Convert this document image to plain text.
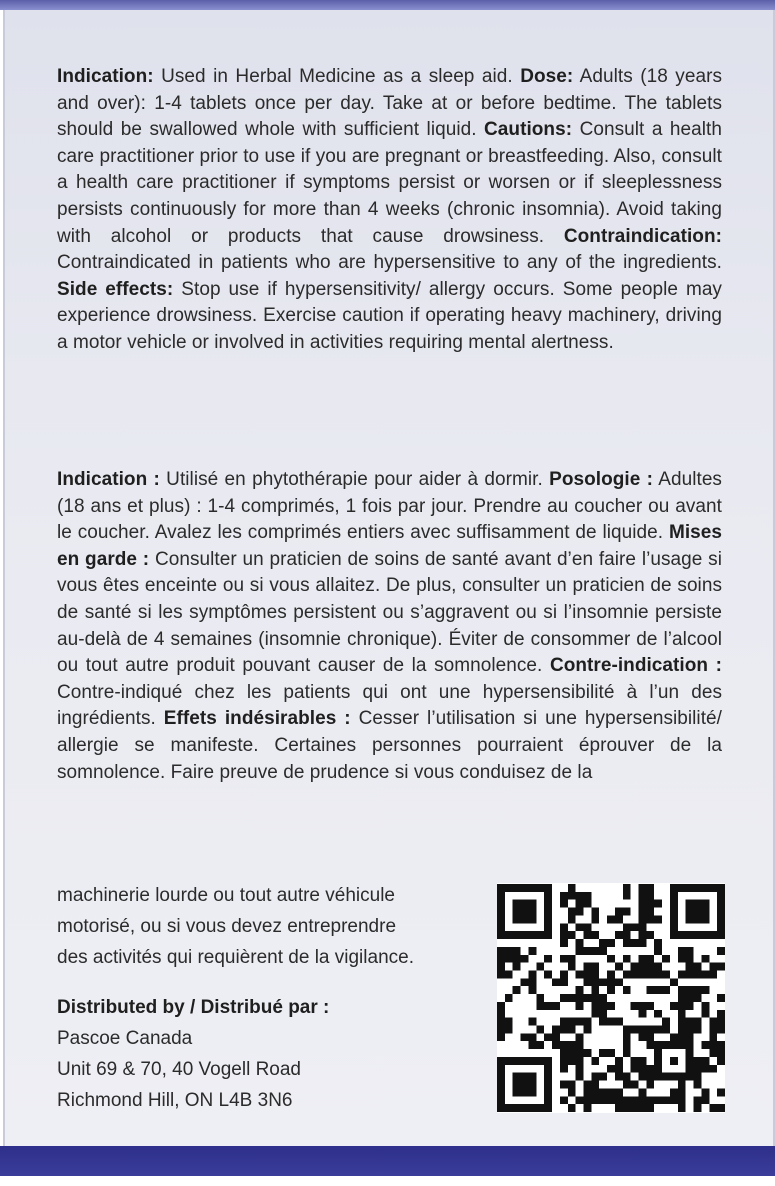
Indication: Used in Herbal Medicine as a sleep aid. Dose: Adults (18 years and over): 1-4 tablets once per day. Take at or before bedtime. The tablets should be swallowed whole with sufficient liquid. Cautions: Consult a health care practitioner prior to use if you are pregnant or breastfeeding. Also, consult a health care practitioner if symptoms persist or worsen or if sleeplessness persists continuously for more than 4 weeks (chronic insomnia). Avoid taking with alcohol or products that cause drowsiness. Contraindication: Contraindicated in patients who are hypersensitive to any of the ingredients. Side effects: Stop use if hypersensitivity/ allergy occurs. Some people may experience drowsiness. Exercise caution if operating heavy machinery, driving a motor vehicle or involved in activities requiring mental alertness.
Indication : Utilisé en phytothérapie pour aider à dormir. Posologie : Adultes (18 ans et plus) : 1-4 comprimés, 1 fois par jour. Prendre au coucher ou avant le coucher. Avalez les comprimés entiers avec suffisamment de liquide. Mises en garde : Consulter un praticien de soins de santé avant d’en faire l’usage si vous êtes enceinte ou si vous allaitez. De plus, consulter un praticien de soins de santé si les symptômes persistent ou s’aggravent ou si l’insomnie persiste au-delà de 4 semaines (insomnie chronique). Éviter de consommer de l’alcool ou tout autre produit pouvant causer de la somnolence. Contre-indication : Contre-indiqué chez les patients qui ont une hypersensibilité à l’un des ingrédients. Effets indésirables : Cesser l’utilisation si une hypersensibilité/ allergie se manifeste. Certaines personnes pourraient éprouver de la somnolence. Faire preuve de prudence si vous conduisez de la
machinerie lourde ou tout autre véhicule
motorisé, ou si vous devez entreprendre
des activités qui requièrent de la vigilance.
Distributed by / Distribué par :
Pascoe Canada
Unit 69 & 70, 40 Vogell Road
Richmond Hill, ON L4B 3N6
